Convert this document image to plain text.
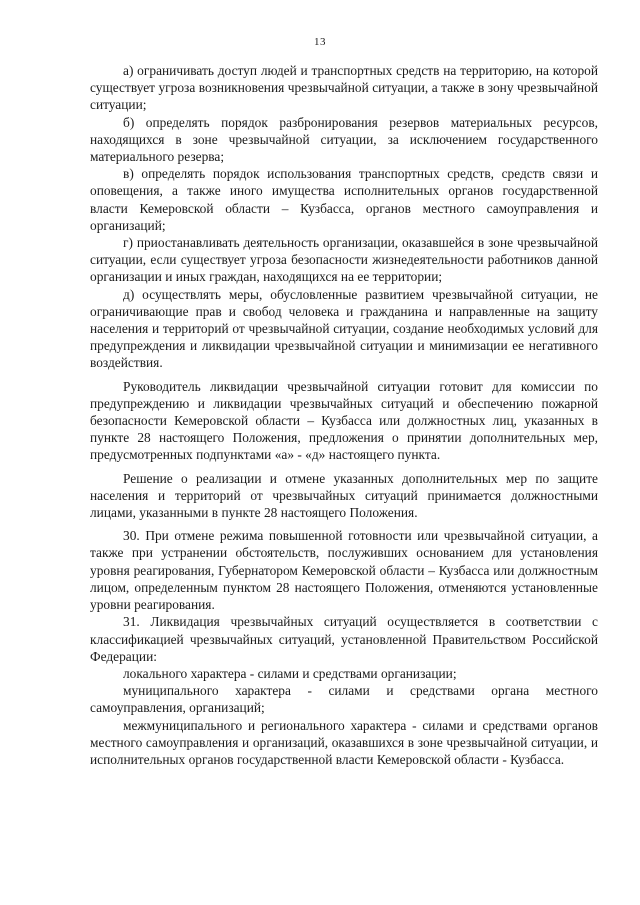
13

а) ограничивать доступ людей и транспортных средств на территорию, на которой существует угроза возникновения чрезвычайной ситуации, а также в зону чрезвычайной ситуации;

б) определять порядок разбронирования резервов материальных ресурсов, находящихся в зоне чрезвычайной ситуации, за исключением государственного материального резерва;

в) определять порядок использования транспортных средств, средств связи и оповещения, а также иного имущества исполнительных органов государственной власти Кемеровской области – Кузбасса, органов местного самоуправления и организаций;

г) приостанавливать деятельность организации, оказавшейся в зоне чрезвычайной ситуации, если существует угроза безопасности жизнедеятельности работников данной организации и иных граждан, находящихся на ее территории;

д) осуществлять меры, обусловленные развитием чрезвычайной ситуации, не ограничивающие прав и свобод человека и гражданина и направленные на защиту населения и территорий от чрезвычайной ситуации, создание необходимых условий для предупреждения и ликвидации чрезвычайной ситуации и минимизации ее негативного воздействия.

Руководитель ликвидации чрезвычайной ситуации готовит для комиссии по предупреждению и ликвидации чрезвычайных ситуаций и обеспечению пожарной безопасности Кемеровской области – Кузбасса или должностных лиц, указанных в пункте 28 настоящего Положения, предложения о принятии дополнительных мер, предусмотренных подпунктами «а» - «д» настоящего пункта.

Решение о реализации и отмене указанных дополнительных мер по защите населения и территорий от чрезвычайных ситуаций принимается должностными лицами, указанными в пункте 28 настоящего Положения.

30. При отмене режима повышенной готовности или чрезвычайной ситуации, а также при устранении обстоятельств, послуживших основанием для установления уровня реагирования, Губернатором Кемеровской области – Кузбасса или должностным лицом, определенным пунктом 28 настоящего Положения, отменяются установленные уровни реагирования.

31. Ликвидация чрезвычайных ситуаций осуществляется в соответствии с классификацией чрезвычайных ситуаций, установленной Правительством Российской Федерации:

локального характера - силами и средствами организации;

муниципального характера - силами и средствами органа местного самоуправления, организаций;

межмуниципального и регионального характера - силами и средствами органов местного самоуправления и организаций, оказавшихся в зоне чрезвычайной ситуации, и исполнительных органов государственной власти Кемеровской области - Кузбасса.
